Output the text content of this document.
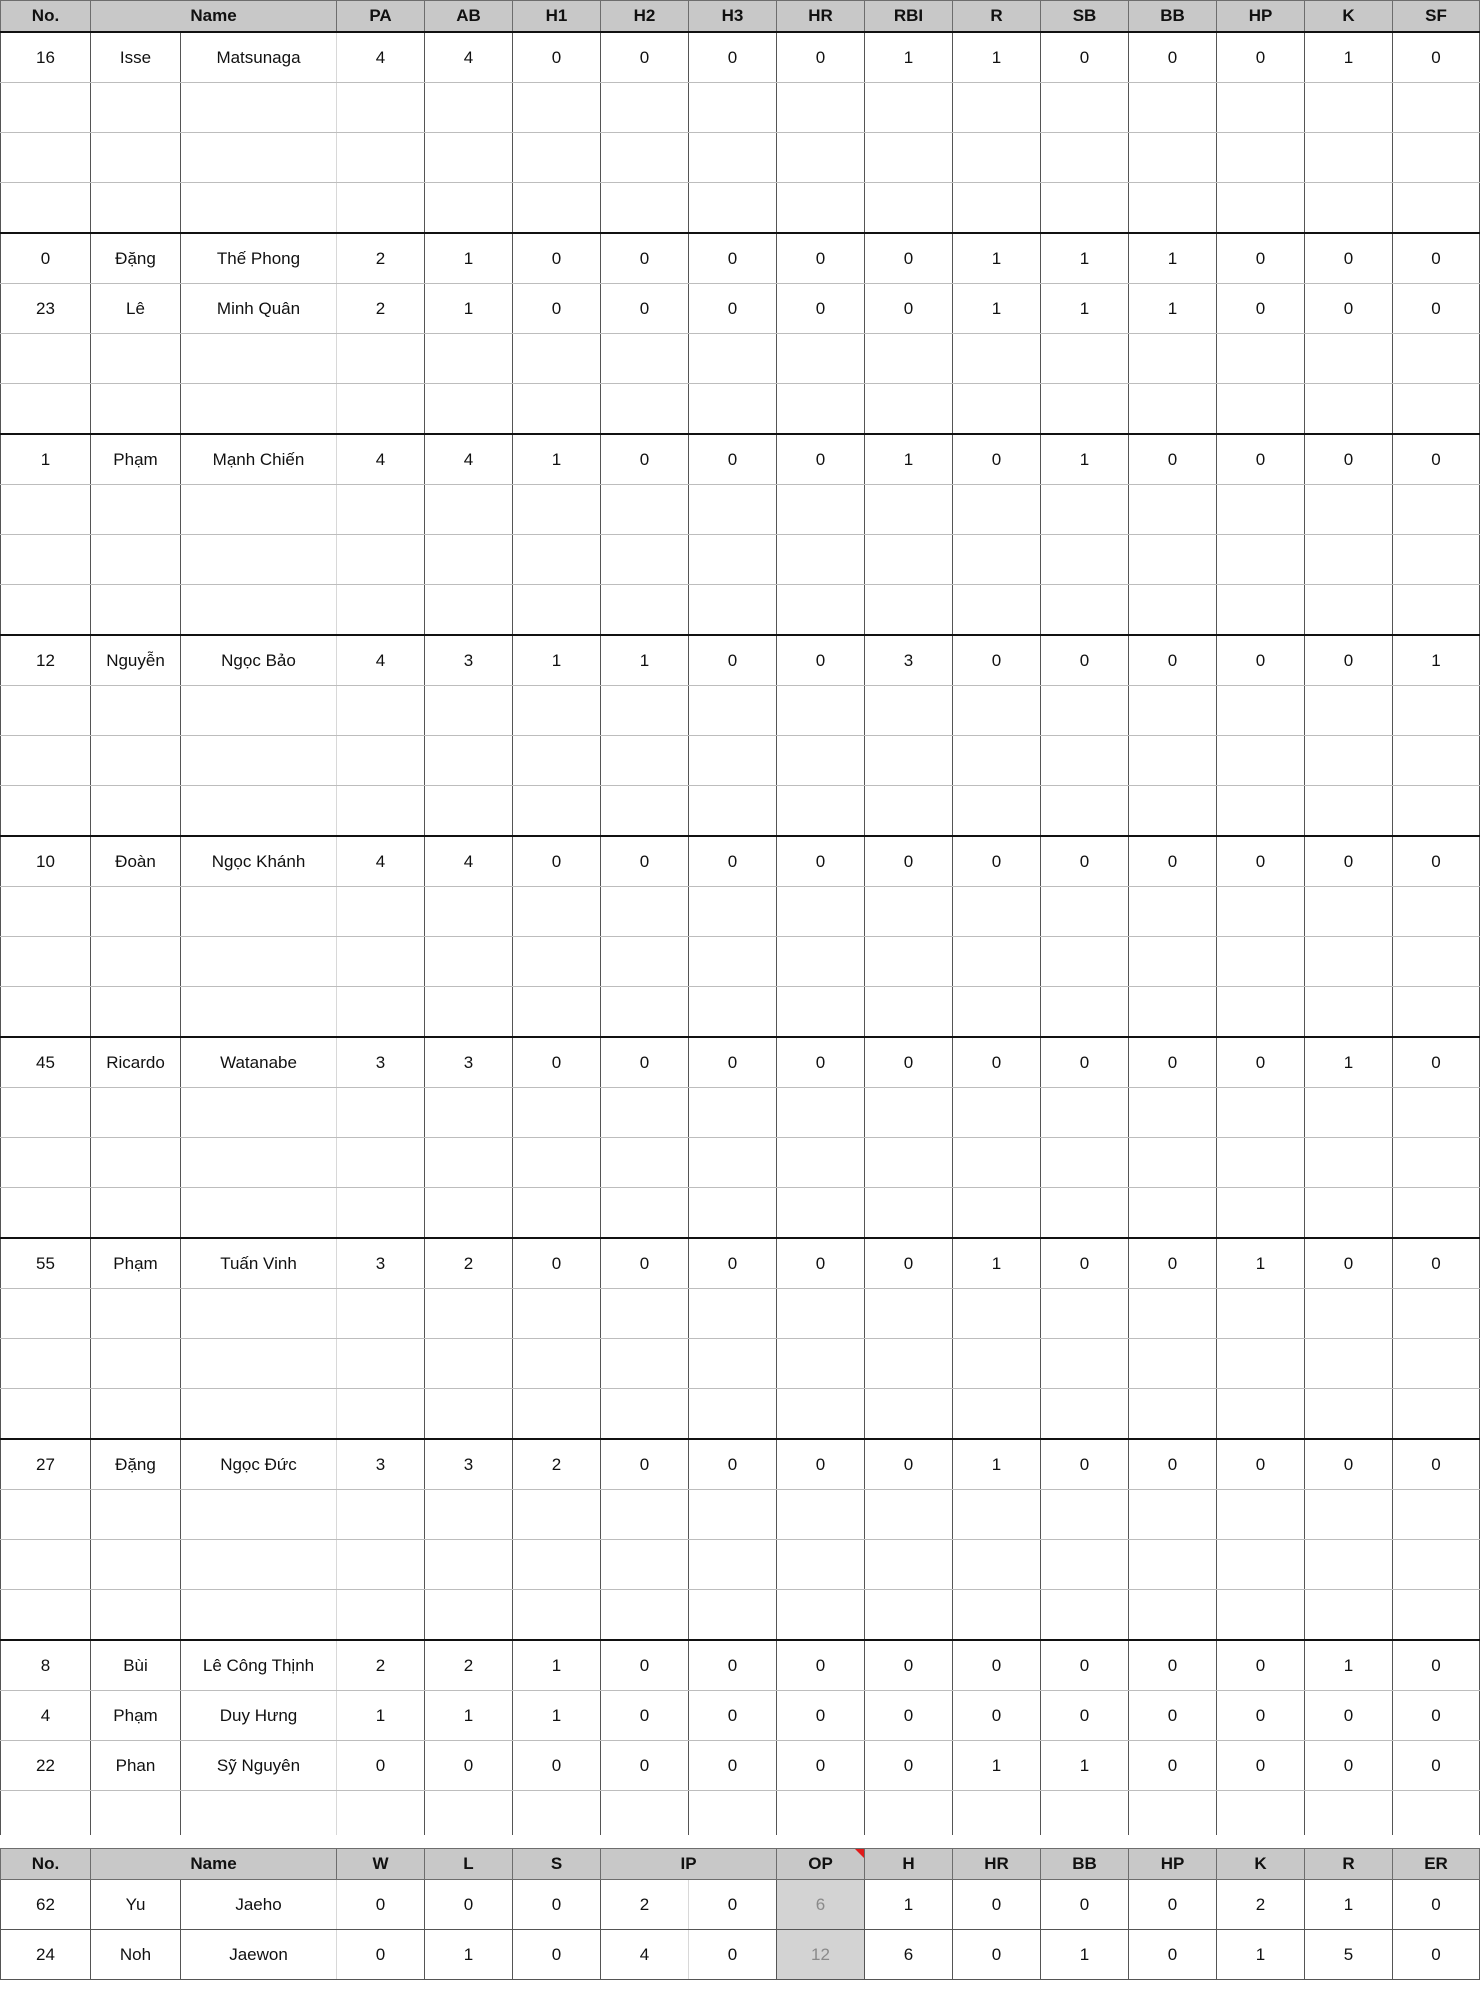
No.	Name		PA	AB	H1	H2	H3	HR	RBI	R	SB	BB	HP	K	SF
16	Isse	Matsunaga	4	4	0	0	0	0	1	1	0	0	0	1	0

0	Đặng	Thế Phong	2	1	0	0	0	0	0	1	1	1	0	0	0
23	Lê	Minh Quân	2	1	0	0	0	0	0	1	1	1	0	0	0

1	Phạm	Mạnh Chiến	4	4	1	0	0	0	1	0	1	0	0	0	0

12	Nguyễn	Ngọc Bảo	4	3	1	1	0	0	3	0	0	0	0	0	1

10	Đoàn	Ngọc Khánh	4	4	0	0	0	0	0	0	0	0	0	0	0

45	Ricardo	Watanabe	3	3	0	0	0	0	0	0	0	0	0	1	0

55	Phạm	Tuấn Vinh	3	2	0	0	0	0	0	1	0	0	1	0	0

27	Đặng	Ngọc Đức	3	3	2	0	0	0	0	1	0	0	0	0	0

8	Bùi	Lê Công Thịnh	2	2	1	0	0	0	0	0	0	0	0	1	0
4	Phạm	Duy Hưng	1	1	1	0	0	0	0	0	0	0	0	0	0
22	Phan	Sỹ Nguyên	0	0	0	0	0	0	0	1	1	0	0	0	0

No.	Name		W	L	S	IP		OP	H	HR	BB	HP	K	R	ER
62	Yu	Jaeho	0	0	0	2	0	6	1	0	0	0	2	1	0
24	Noh	Jaewon	0	1	0	4	0	12	6	0	1	0	1	5	0
